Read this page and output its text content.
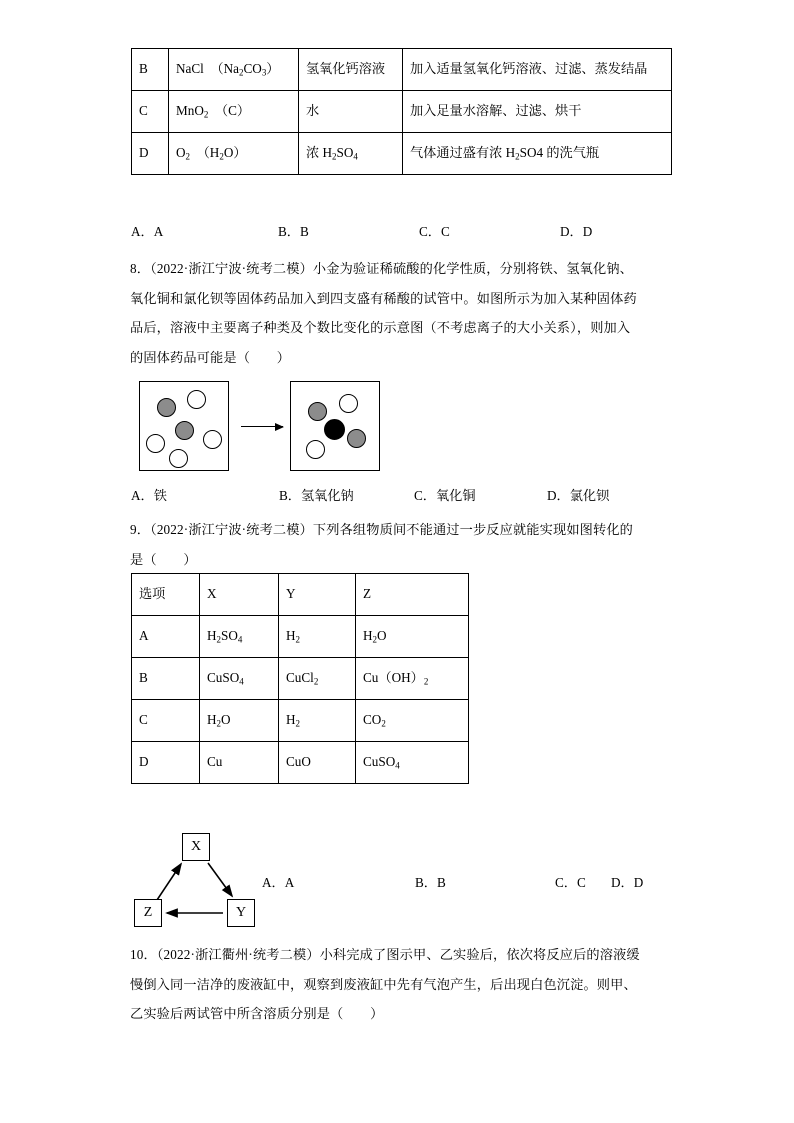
B	NaCl　$(Na_2CO_3)$	氢氧化钙溶液	加入适量氢氧化钙溶液、过滤、蒸发结晶
C	MnO$_2$　（C）	水	加入足量水溶解、过滤、烘干
D	$O_2$　$(H_2O)$	浓 $H_2SO_4$	气体通过盛有浓 $H_2SO4$ 的洗气瓶
A．A	B．B	C．C	D．D
8．（2022·浙江宁波·统考二模）小金为验证稀硫酸的化学性质，分别将铁、氢氧化钠、
氧化铜和氯化钡等固体药品加入到四支盛有稀酸的试管中。如图所示为加入某种固体药
品后，溶液中主要离子种类及个数比变化的示意图（不考虑离子的大小关系），则加入
的固体药品可能是（　　）
A．铁	B．氢氧化钠	C．氧化铜	D．氯化钡
9．（2022·浙江宁波·统考二模）下列各组物质间不能通过一步反应就能实现如图转化的
是（　　）
选项	X	Y	Z
A	$H_2SO_4$	$H_2$	$H_2O$
B	CuSO$_4$	CuCl$_2$	$Cu(OH)_2$
C	$H_2O$	$H_2$	$CO_2$
D	Cu	CuO	CuSO$_4$
X
Z	Y
A．A	B．B	C．C D．D
10．（2022·浙江衢州·统考二模）小科完成了图示甲、乙实验后，依次将反应后的溶液缓
慢倒入同一洁净的废液缸中，观察到废液缸中先有气泡产生，后出现白色沉淀。则甲、
乙实验后两试管中所含溶质分别是（　　）
